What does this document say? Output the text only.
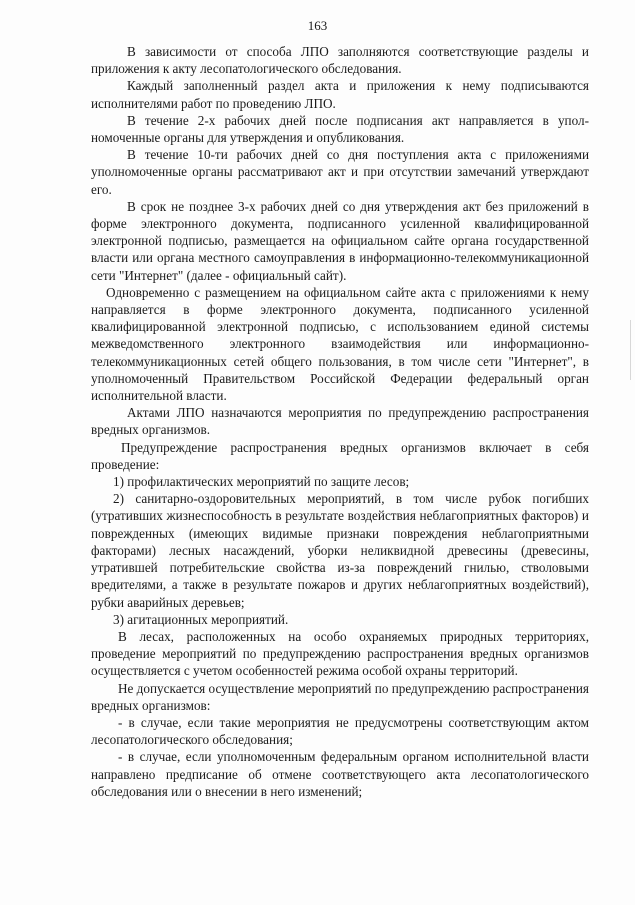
163

В зависимости от способа ЛПО заполняются соответствующие разделы и приложения к акту лесопатологического обследования.

Каждый заполненный раздел акта и приложения к нему подписываются исполнителями работ по проведению ЛПО.

В течение 2-х рабочих дней после подписания акт направляется в уполномоченные органы для утверждения и опубликования.

В течение 10-ти рабочих дней со дня поступления акта с приложениями уполномоченные органы рассматривают акт и при отсутствии замечаний утверждают его.

В срок не позднее 3-х рабочих дней со дня утверждения акт без приложений в форме электронного документа, подписанного усиленной квалифицированной электронной подписью, размещается на официальном сайте органа государственной власти или органа местного самоуправления в информационно-телекоммуникационной сети "Интернет" (далее - официальный сайт).

Одновременно с размещением на официальном сайте акта с приложениями к нему направляется в форме электронного документа, подписанного усиленной квалифицированной электронной подписью, с использованием единой системы межведомственного электронного взаимодействия или информационно-телекоммуникационных сетей общего пользования, в том числе сети "Интернет", в уполномоченный Правительством Российской Федерации федеральный орган исполнительной власти.

Актами ЛПО назначаются мероприятия по предупреждению распространения вредных организмов.

Предупреждение распространения вредных организмов включает в себя проведение:

1) профилактических мероприятий по защите лесов;

2) санитарно-оздоровительных мероприятий, в том числе рубок погибших (утративших жизнеспособность в результате воздействия неблагоприятных факторов) и поврежденных (имеющих видимые признаки повреждения неблагоприятными факторами) лесных насаждений, уборки неликвидной древесины (древесины, утратившей потребительские свойства из-за повреждений гнилью, стволовыми вредителями, а также в результате пожаров и других неблагоприятных воздействий), рубки аварийных деревьев;

3) агитационных мероприятий.

В лесах, расположенных на особо охраняемых природных территориях, проведение мероприятий по предупреждению распространения вредных организмов осуществляется с учетом особенностей режима особой охраны территорий.

Не допускается осуществление мероприятий по предупреждению распространения вредных организмов:

- в случае, если такие мероприятия не предусмотрены соответствующим актом лесопатологического обследования;

- в случае, если уполномоченным федеральным органом исполнительной власти направлено предписание об отмене соответствующего акта лесопатологического обследования или о внесении в него изменений;
